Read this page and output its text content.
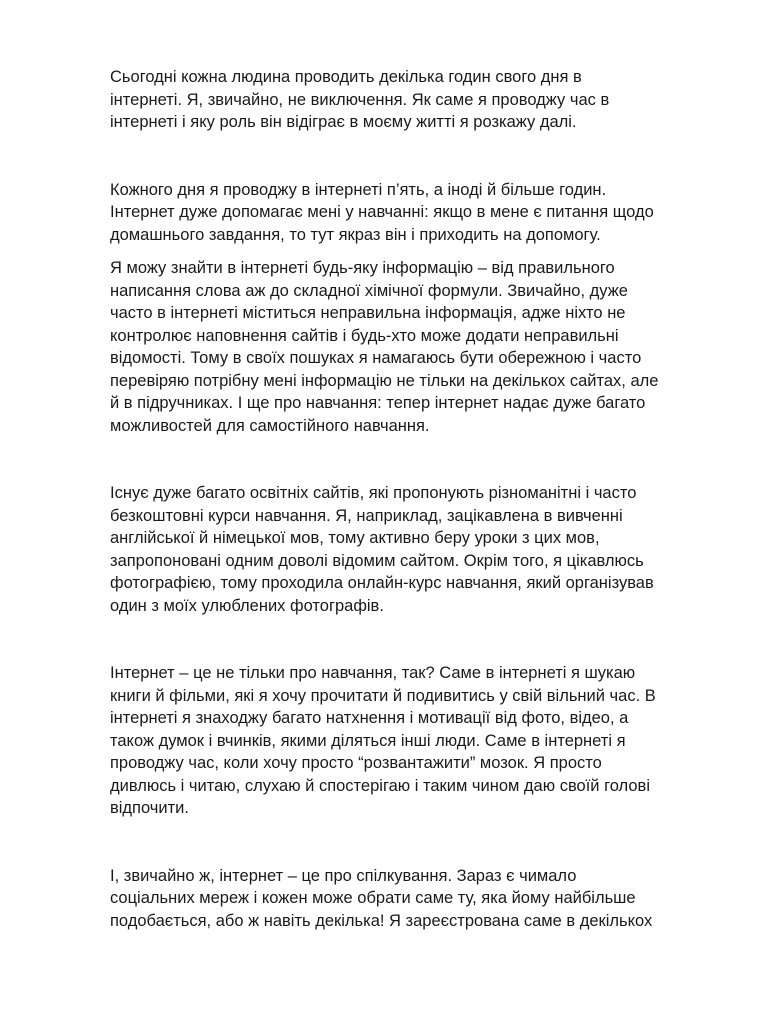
Сьогодні кожна людина проводить декілька годин свого дня в
інтернеті. Я, звичайно, не виключення. Як саме я проводжу час в
інтернеті і яку роль він відіграє в моєму житті я розкажу далі.

Кожного дня я проводжу в інтернеті п’ять, а іноді й більше годин.
Інтернет дуже допомагає мені у навчанні: якщо в мене є питання щодо
домашнього завдання, то тут якраз він і приходить на допомогу.

Я можу знайти в інтернеті будь-яку інформацію – від правильного
написання слова аж до складної хімічної формули. Звичайно, дуже
часто в інтернеті міститься неправильна інформація, адже ніхто не
контролює наповнення сайтів і будь-хто може додати неправильні
відомості. Тому в своїх пошуках я намагаюсь бути обережною і часто
перевіряю потрібну мені інформацію не тільки на декількох сайтах, але
й в підручниках. І ще про навчання: тепер інтернет надає дуже багато
можливостей для самостійного навчання.

Існує дуже багато освітніх сайтів, які пропонують різноманітні і часто
безкоштовні курси навчання. Я, наприклад, зацікавлена в вивченні
англійської й німецької мов, тому активно беру уроки з цих мов,
запропоновані одним доволі відомим сайтом. Окрім того, я цікавлюсь
фотографією, тому проходила онлайн-курс навчання, який організував
один з моїх улюблених фотографів.

Інтернет – це не тільки про навчання, так? Саме в інтернеті я шукаю
книги й фільми, які я хочу прочитати й подивитись у свій вільний час. В
інтернеті я знаходжу багато натхнення і мотивації від фото, відео, а
також думок і вчинків, якими діляться інші люди. Саме в інтернеті я
проводжу час, коли хочу просто “розвантажити” мозок. Я просто
дивлюсь і читаю, слухаю й спостерігаю і таким чином даю своїй голові
відпочити.

І, звичайно ж, інтернет – це про спілкування. Зараз є чимало
соціальних мереж і кожен може обрати саме ту, яка йому найбільше
подобається, або ж навіть декілька! Я зареєстрована саме в декількох
